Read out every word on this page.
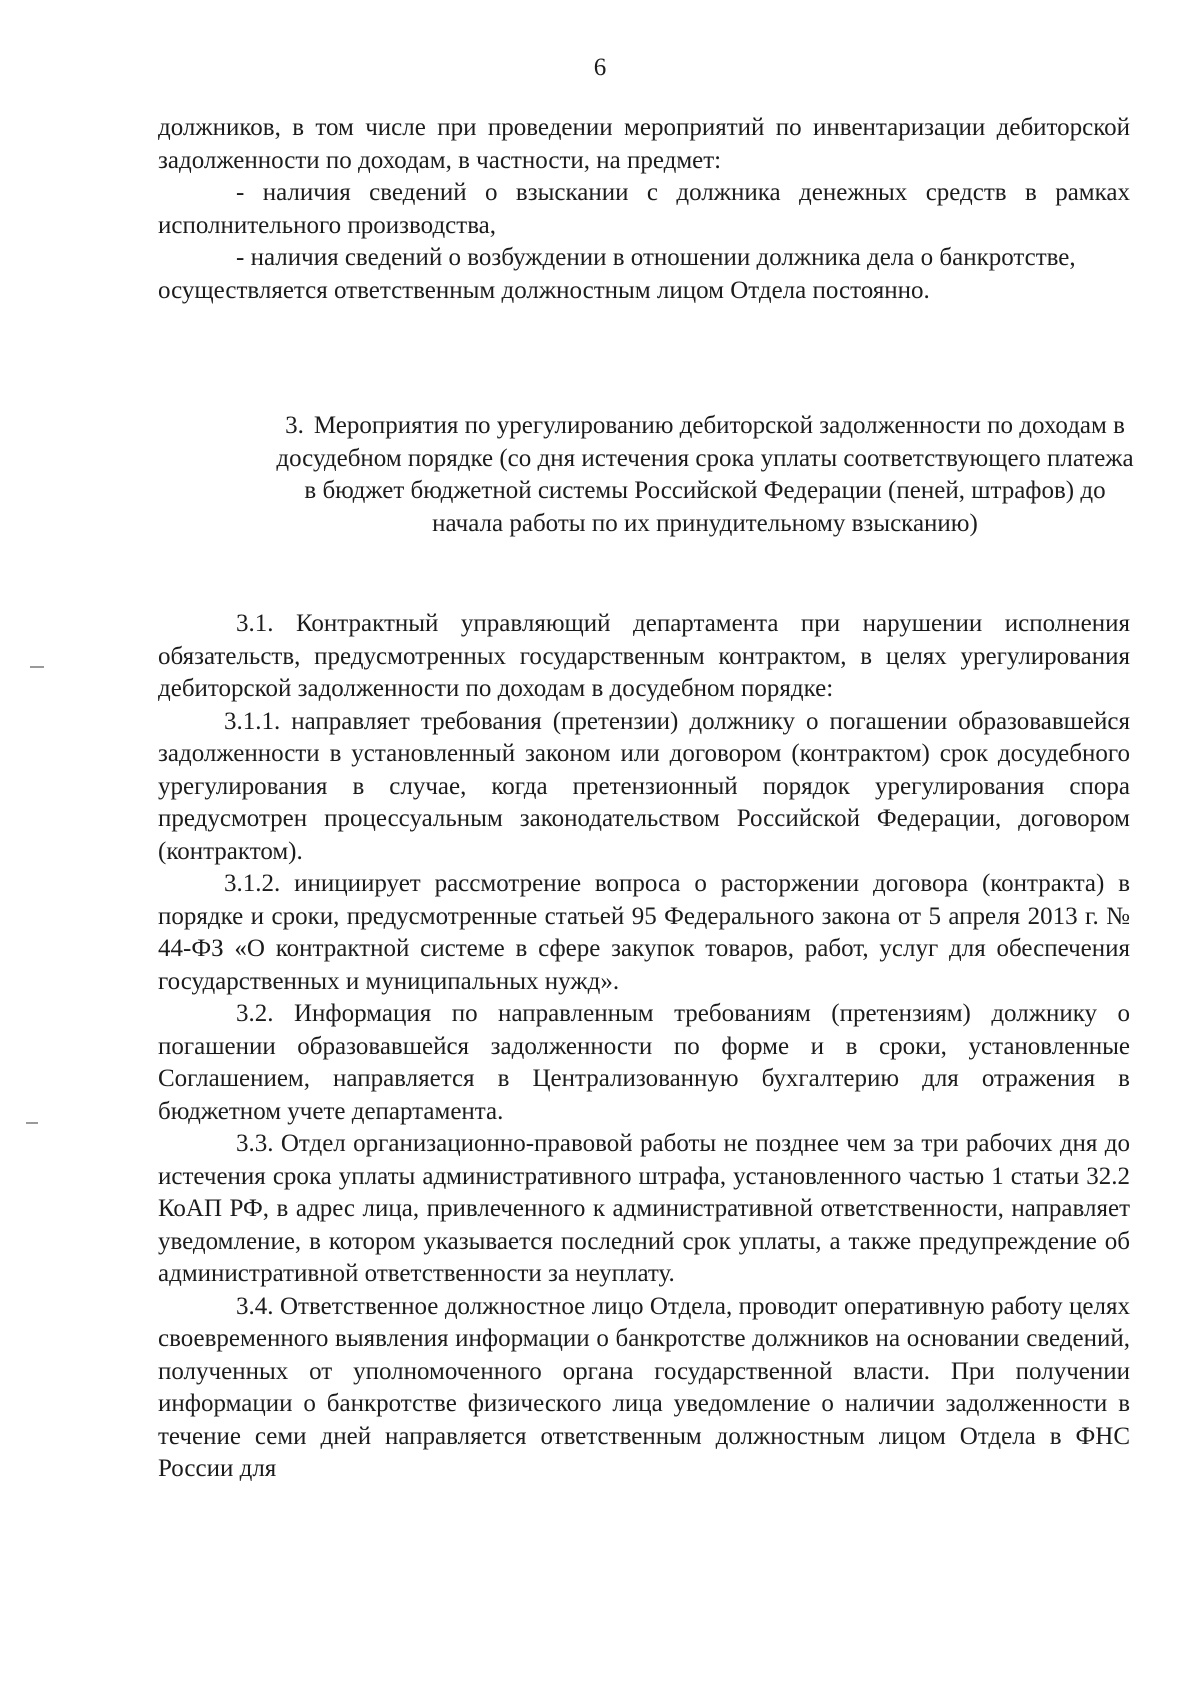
6

должников, в том числе при проведении мероприятий по инвентаризации дебиторской задолженности по доходам, в частности, на предмет:

- наличия сведений о взыскании с должника денежных средств в рамках исполнительного производства,

- наличия сведений о возбуждении в отношении должника дела о банкротстве,

осуществляется ответственным должностным лицом Отдела постоянно.

3. Мероприятия по урегулированию дебиторской задолженности по доходам в досудебном порядке (со дня истечения срока уплаты соответствующего платежа в бюджет бюджетной системы Российской Федерации (пеней, штрафов) до начала работы по их принудительному взысканию)

3.1. Контрактный управляющий департамента при нарушении исполнения обязательств, предусмотренных государственным контрактом, в целях урегулирования дебиторской задолженности по доходам в досудебном порядке:

3.1.1. направляет требования (претензии) должнику о погашении образовавшейся задолженности в установленный законом или договором (контрактом) срок досудебного урегулирования в случае, когда претензионный порядок урегулирования спора предусмотрен процессуальным законодательством Российской Федерации, договором (контрактом).

3.1.2. инициирует рассмотрение вопроса о расторжении договора (контракта) в порядке и сроки, предусмотренные статьей 95 Федерального закона от 5 апреля 2013 г. № 44-ФЗ «О контрактной системе в сфере закупок товаров, работ, услуг для обеспечения государственных и муниципальных нужд».

3.2. Информация по направленным требованиям (претензиям) должнику о погашении образовавшейся задолженности по форме и в сроки, установленные Соглашением, направляется в Централизованную бухгалтерию для отражения в бюджетном учете департамента.

3.3. Отдел организационно-правовой работы не позднее чем за три рабочих дня до истечения срока уплаты административного штрафа, установленного частью 1 статьи 32.2 КоАП РФ, в адрес лица, привлеченного к административной ответственности, направляет уведомление, в котором указывается последний срок уплаты, а также предупреждение об административной ответственности за неуплату.

3.4. Ответственное должностное лицо Отдела, проводит оперативную работу целях своевременного выявления информации о банкротстве должников на основании сведений, полученных от уполномоченного органа государственной власти. При получении информации о банкротстве физического лица уведомление о наличии задолженности в течение семи дней направляется ответственным должностным лицом Отдела в ФНС России для
